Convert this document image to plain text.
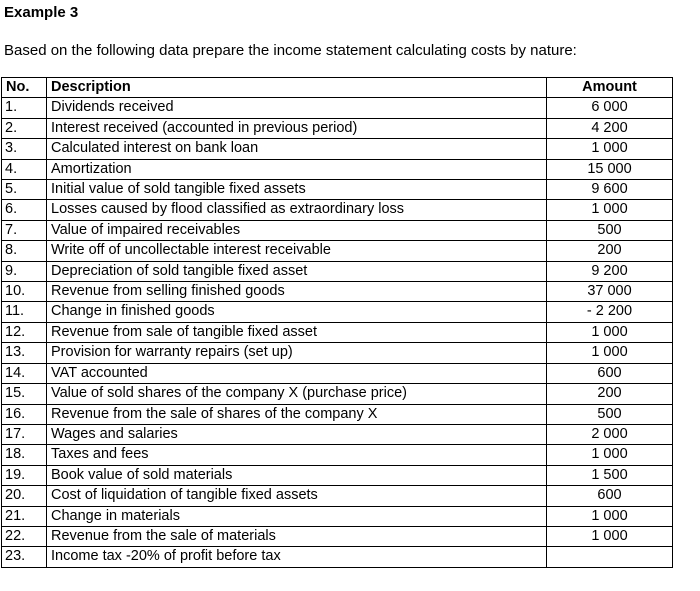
Example 3
Based on the following data prepare the income statement calculating costs by nature:
No.	Description	Amount
1.	Dividends received	6 000
2.	Interest received (accounted in previous period)	4 200
3.	Calculated interest on bank loan	1 000
4.	Amortization	15 000
5.	Initial value of sold tangible fixed assets	9 600
6.	Losses caused by flood classified as extraordinary loss	1 000
7.	Value of impaired receivables	500
8.	Write off of uncollectable interest receivable	200
9.	Depreciation of sold tangible fixed asset	9 200
10.	Revenue from selling finished goods	37 000
11.	Change in finished goods	- 2 200
12.	Revenue from sale of tangible fixed asset	1 000
13.	Provision for warranty repairs (set up)	1 000
14.	VAT accounted	600
15.	Value of sold shares of the company X (purchase price)	200
16.	Revenue from the sale of shares of the company X	500
17.	Wages and salaries	2 000
18.	Taxes and fees	1 000
19.	Book value of sold materials	1 500
20.	Cost of liquidation of tangible fixed assets	600
21.	Change in materials	1 000
22.	Revenue from the sale of materials	1 000
23.	Income tax -20% of profit before tax	
